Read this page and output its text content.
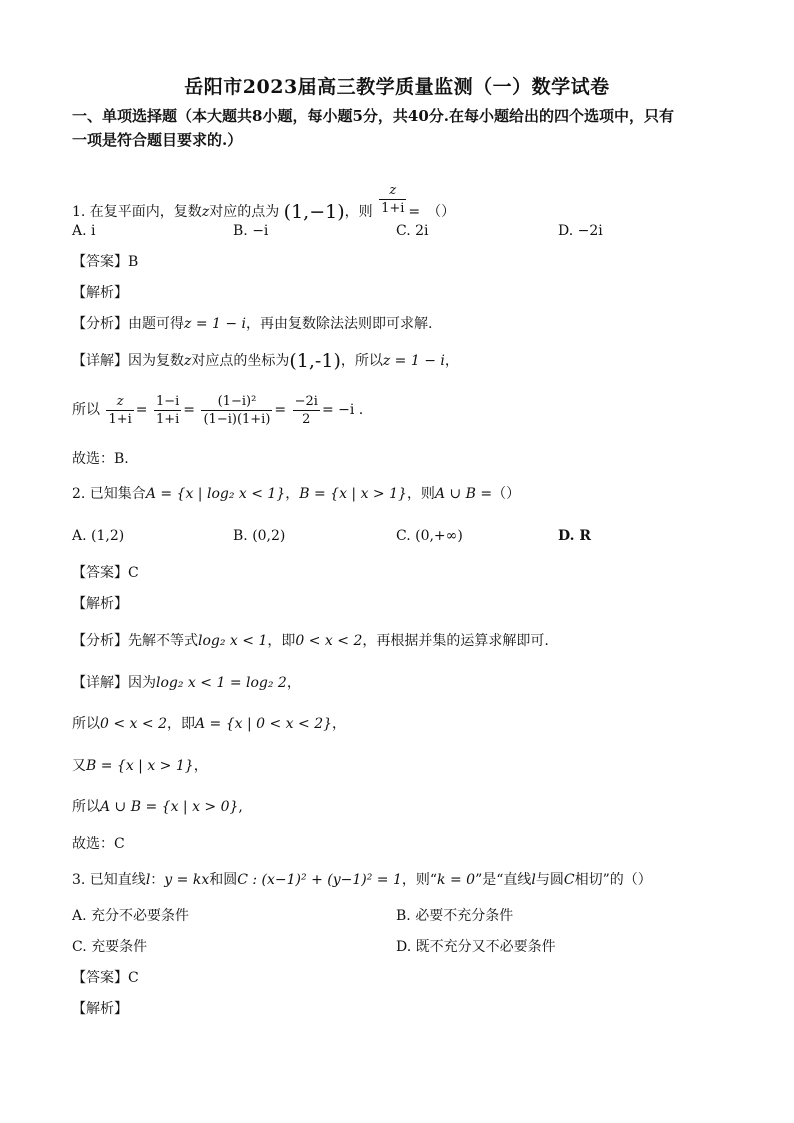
岳阳市2023届高三教学质量监测（一）数学试卷
一、单项选择题（本大题共8小题，每小题5分，共40分.在每小题给出的四个选项中，只有
一项是符合题目要求的.）
1. 在复平面内，复数z对应的点为 (1,−1)，则 $\frac{z}{1+i}$ =　（）
A. i	B. −i	C. 2i	D. −2i
【答案】B
【解析】
【分析】由题可得z = 1 − i，再由复数除法法则即可求解.
【详解】因为复数z对应点的坐标为(1,-1)，所以z = 1 − i，
所以 $\frac{z}{1+i} = \frac{1-i}{1+i} = \frac{\text{(1−i)²}}{(1-i)(1+i)} = \frac{-2i}{2} = -i$ .
故选：B.
2. 已知集合A = {x | log₂ x < 1}，B = {x | x > 1}，则A ∪ B =（）
A. (1,2)	B. (0,2)	C. (0,+∞)	D. R
【答案】C
【解析】
【分析】先解不等式log₂ x < 1，即0 < x < 2，再根据并集的运算求解即可.
【详解】因为log₂ x < 1 = log₂ 2，
所以0 < x < 2，即A = {x | 0 < x < 2}，
又B = {x | x > 1}，
所以A ∪ B = {x | x > 0},
故选：C
3. 已知直线l：y = kx和圆C : (x−1)² + (y−1)² = 1，则“k = 0”是“直线l与圆C相切”的（）
A. 充分不必要条件	B. 必要不充分条件
C. 充要条件	D. 既不充分又不必要条件
【答案】C
【解析】
